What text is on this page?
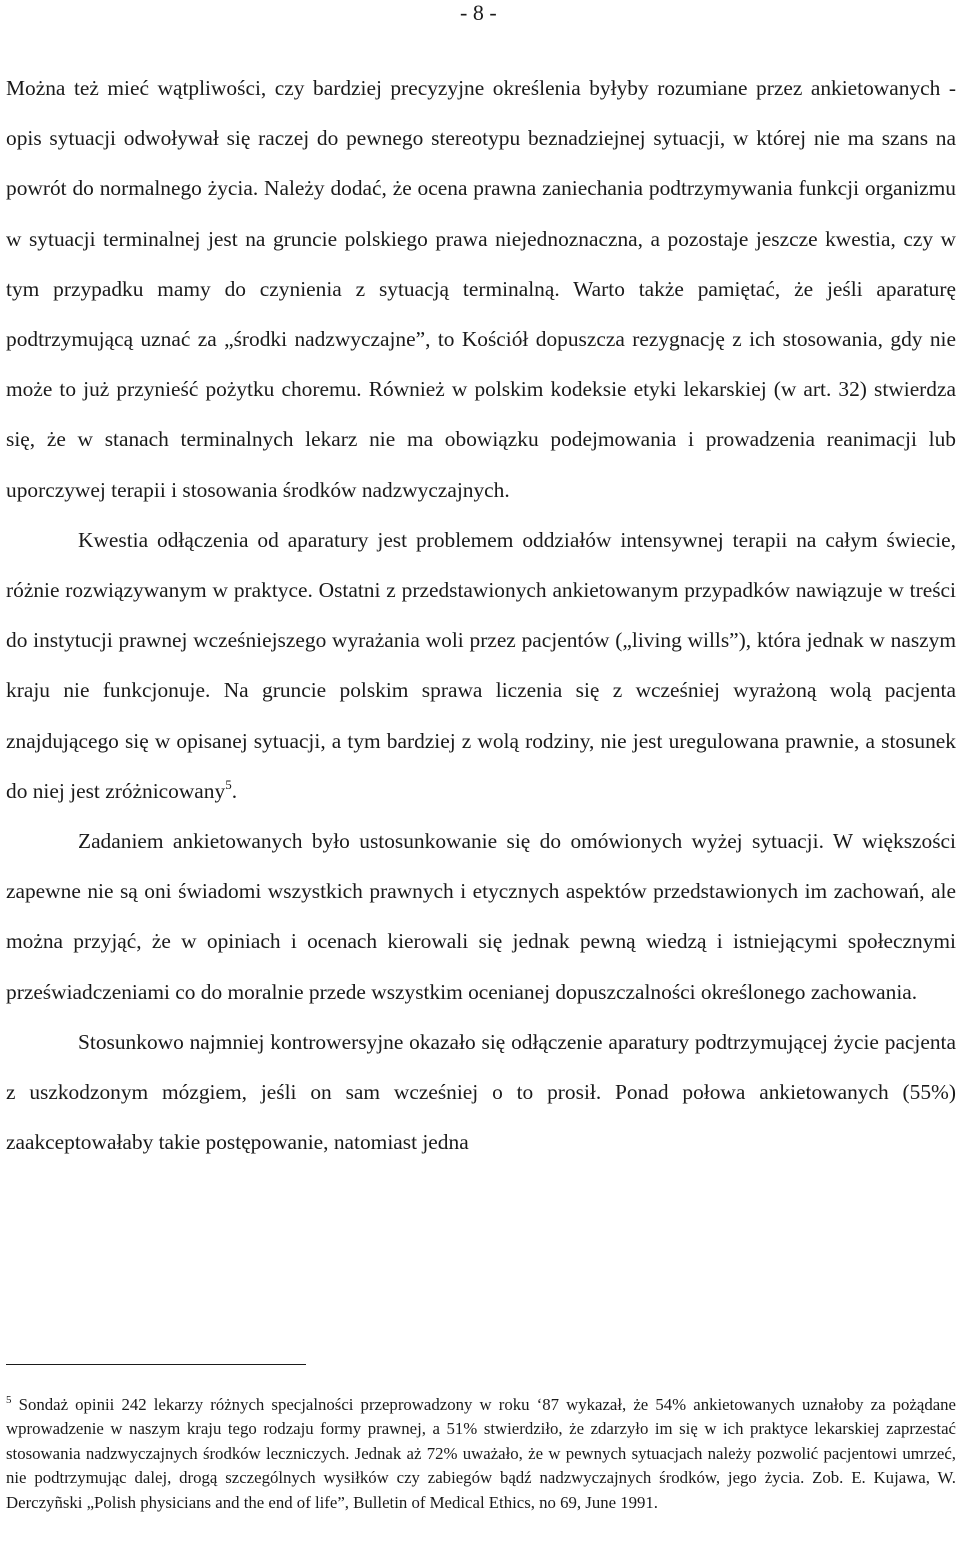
- 8 -

Można też mieć wątpliwości, czy bardziej precyzyjne określenia byłyby rozumiane przez ankietowanych - opis sytuacji odwoływał się raczej do pewnego stereotypu beznadziejnej sytuacji, w której nie ma szans na powrót do normalnego życia. Należy dodać, że ocena prawna zaniechania podtrzymywania funkcji organizmu w sytuacji terminalnej jest na gruncie polskiego prawa niejednoznaczna, a pozostaje jeszcze kwestia, czy w tym przypadku mamy do czynienia z sytuacją terminalną. Warto także pamiętać, że jeśli aparaturę podtrzymującą uznać za „środki nadzwyczajne”, to Kościół dopuszcza rezygnację z ich stosowania, gdy nie może to już przynieść pożytku choremu. Również w polskim kodeksie etyki lekarskiej (w art. 32) stwierdza się, że w stanach terminalnych lekarz nie ma obowiązku podejmowania i prowadzenia reanimacji lub uporczywej terapii i stosowania środków nadzwyczajnych.

Kwestia odłączenia od aparatury jest problemem oddziałów intensywnej terapii na całym świecie, różnie rozwiązywanym w praktyce. Ostatni z przedstawionych ankietowanym przypadków nawiązuje w treści do instytucji prawnej wcześniejszego wyrażania woli przez pacjentów („living wills”), która jednak w naszym kraju nie funkcjonuje. Na gruncie polskim sprawa liczenia się z wcześniej wyrażoną wolą pacjenta znajdującego się w opisanej sytuacji, a tym bardziej z wolą rodziny, nie jest uregulowana prawnie, a stosunek do niej jest zróżnicowany$^5$.

Zadaniem ankietowanych było ustosunkowanie się do omówionych wyżej sytuacji. W większości zapewne nie są oni świadomi wszystkich prawnych i etycznych aspektów przedstawionych im zachowań, ale można przyjąć, że w opiniach i ocenach kierowali się jednak pewną wiedzą i istniejącymi społecznymi przeświadczeniami co do moralnie przede wszystkim ocenianej dopuszczalności określonego zachowania.

Stosunkowo najmniej kontrowersyjne okazało się odłączenie aparatury podtrzymującej życie pacjenta z uszkodzonym mózgiem, jeśli on sam wcześniej o to prosił. Ponad połowa ankietowanych (55%) zaakceptowałaby takie postępowanie, natomiast jedna

$^5$ Sondaż opinii 242 lekarzy różnych specjalności przeprowadzony w roku ‘87 wykazał, że 54% ankietowanych uznałoby za pożądane wprowadzenie w naszym kraju tego rodzaju formy prawnej, a 51% stwierdziło, że zdarzyło im się w ich praktyce lekarskiej zaprzestać stosowania nadzwyczajnych środków leczniczych. Jednak aż 72% uważało, że w pewnych sytuacjach należy pozwolić pacjentowi umrzeć, nie podtrzymując dalej, drogą szczególnych wysiłków czy zabiegów bądź nadzwyczajnych środków, jego życia. Zob. E. Kujawa, W. Derczyñski „Polish physicians and the end of life”, Bulletin of Medical Ethics, no 69, June 1991.
